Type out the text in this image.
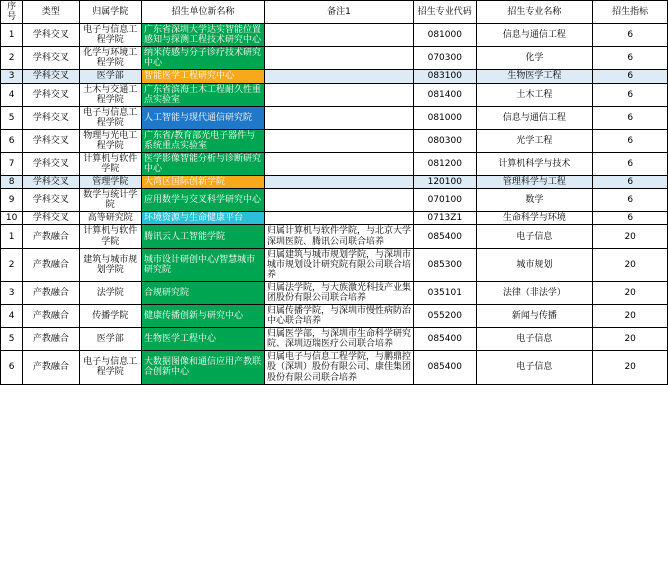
序号	类型	归属学院	招生单位新名称	备注1	招生专业代码	招生专业名称	招生指标
1	学科交叉	电子与信息工程学院	广东省深圳大学达实智能位置感知与探测工程技术研究中心		081000	信息与通信工程	6
2	学科交叉	化学与环境工程学院	纳米传感与分子诊疗技术研究中心		070300	化学	6
3	学科交叉	医学部	智能医学工程研究中心		083100	生物医学工程	6
4	学科交叉	土木与交通工程学院	广东省滨海土木工程耐久性重点实验室		081400	土木工程	6
5	学科交叉	电子与信息工程学院	人工智能与现代通信研究院		081000	信息与通信工程	6
6	学科交叉	物理与光电工程学院	广东省/教育部光电子器件与系统重点实验室		080300	光学工程	6
7	学科交叉	计算机与软件学院	医学影像智能分析与诊断研究中心		081200	计算机科学与技术	6
8	学科交叉	管理学院	大湾区国际创新学院		120100	管理科学与工程	6
9	学科交叉	数学与统计学院	应用数学与交叉科学研究中心		070100	数学	6
10	学科交叉	高等研究院	环境资源与生命健康平台		0713Z1	生命科学与环境	6
1	产教融合	计算机与软件学院	腾讯云人工智能学院	归属计算机与软件学院，与北京大学深圳医院、腾讯公司联合培养	085400	电子信息	20
2	产教融合	建筑与城市规划学院	城市设计研创中心/智慧城市研究院	归属建筑与城市规划学院，与深圳市城市规划设计研究院有限公司联合培养	085300	城市规划	20
3	产教融合	法学院	合规研究院	归属法学院，与大族激光科技产业集团股份有限公司联合培养	035101	法律（非法学）	20
4	产教融合	传播学院	健康传播创新与研究中心	归属传播学院，与深圳市慢性病防治中心联合培养	055200	新闻与传播	20
5	产教融合	医学部	生物医学工程中心	归属医学部，与深圳市生命科学研究院、深圳迈瑞医疗公司联合培养	085400	电子信息	20
6	产教融合	电子与信息工程学院	大数据图像和通信应用产教联合创新中心	归属电子与信息工程学院，与鹏鼎控股（深圳）股份有限公司、康佳集团股份有限公司联合培养	085400	电子信息	20
